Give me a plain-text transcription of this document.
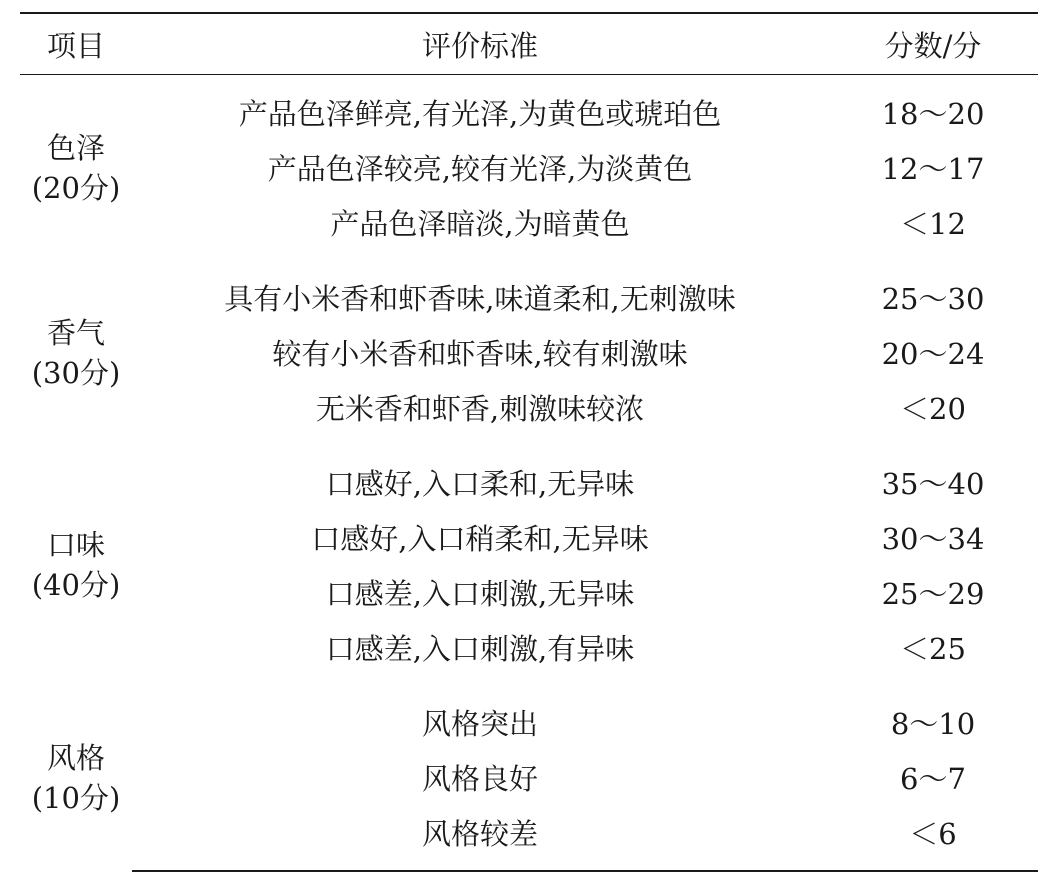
项目	评价标准	分数/分

色泽
(20分)	产品色泽鲜亮,有光泽,为黄色或琥珀色	18～20
	产品色泽较亮,较有光泽,为淡黄色	12～17
	产品色泽暗淡,为暗黄色	＜12

香气
(30分)	具有小米香和虾香味,味道柔和,无刺激味	25～30
	较有小米香和虾香味,较有刺激味	20～24
	无米香和虾香,刺激味较浓	＜20

口味
(40分)	口感好,入口柔和,无异味	35～40
	口感好,入口稍柔和,无异味	30～34
	口感差,入口刺激,无异味	25～29
	口感差,入口刺激,有异味	＜25

风格
(10分)	风格突出	8～10
	风格良好	6～7
	风格较差	＜6
